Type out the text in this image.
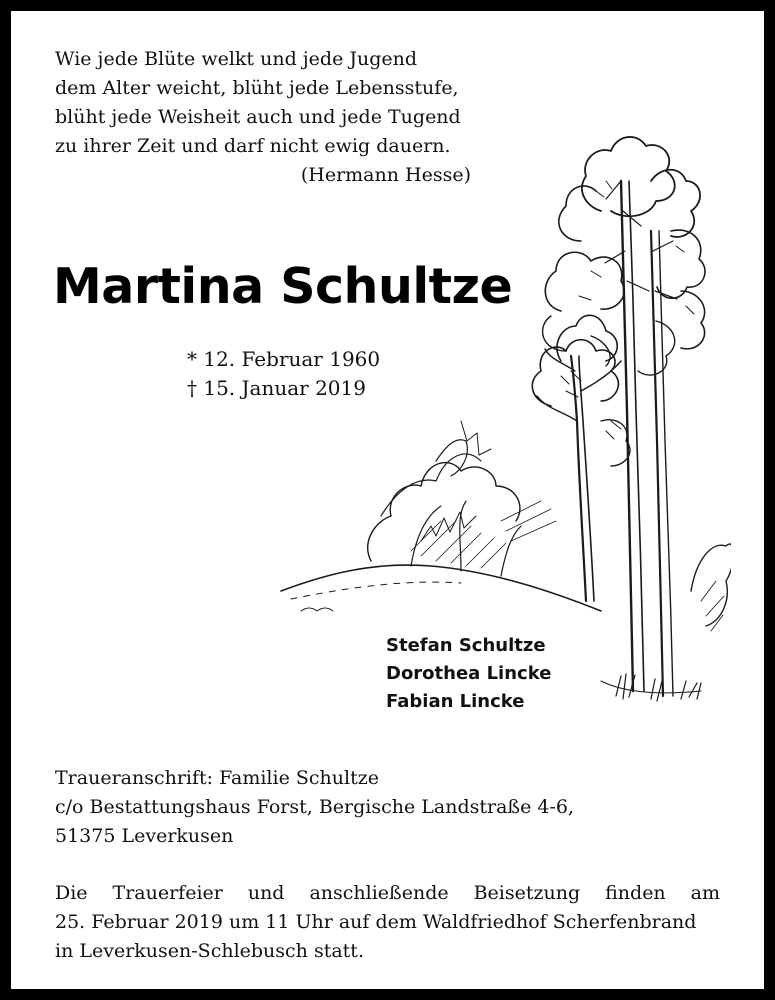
Wie jede Blüte welkt und jede Jugend
dem Alter weicht, blüht jede Lebensstufe,
blüht jede Weisheit auch und jede Tugend
zu ihrer Zeit und darf nicht ewig dauern.
(Hermann Hesse)
Martina Schultze
* 12. Februar 1960
† 15. Januar 2019
Stefan Schultze
Dorothea Lincke
Fabian Lincke
Traueranschrift: Familie Schultze
c/o Bestattungshaus Forst, Bergische Landstraße 4-6,
51375 Leverkusen
Die Trauerfeier und anschließende Beisetzung finden am
25. Februar 2019 um 11 Uhr auf dem Waldfriedhof Scherfenbrand
in Leverkusen-Schlebusch statt.
